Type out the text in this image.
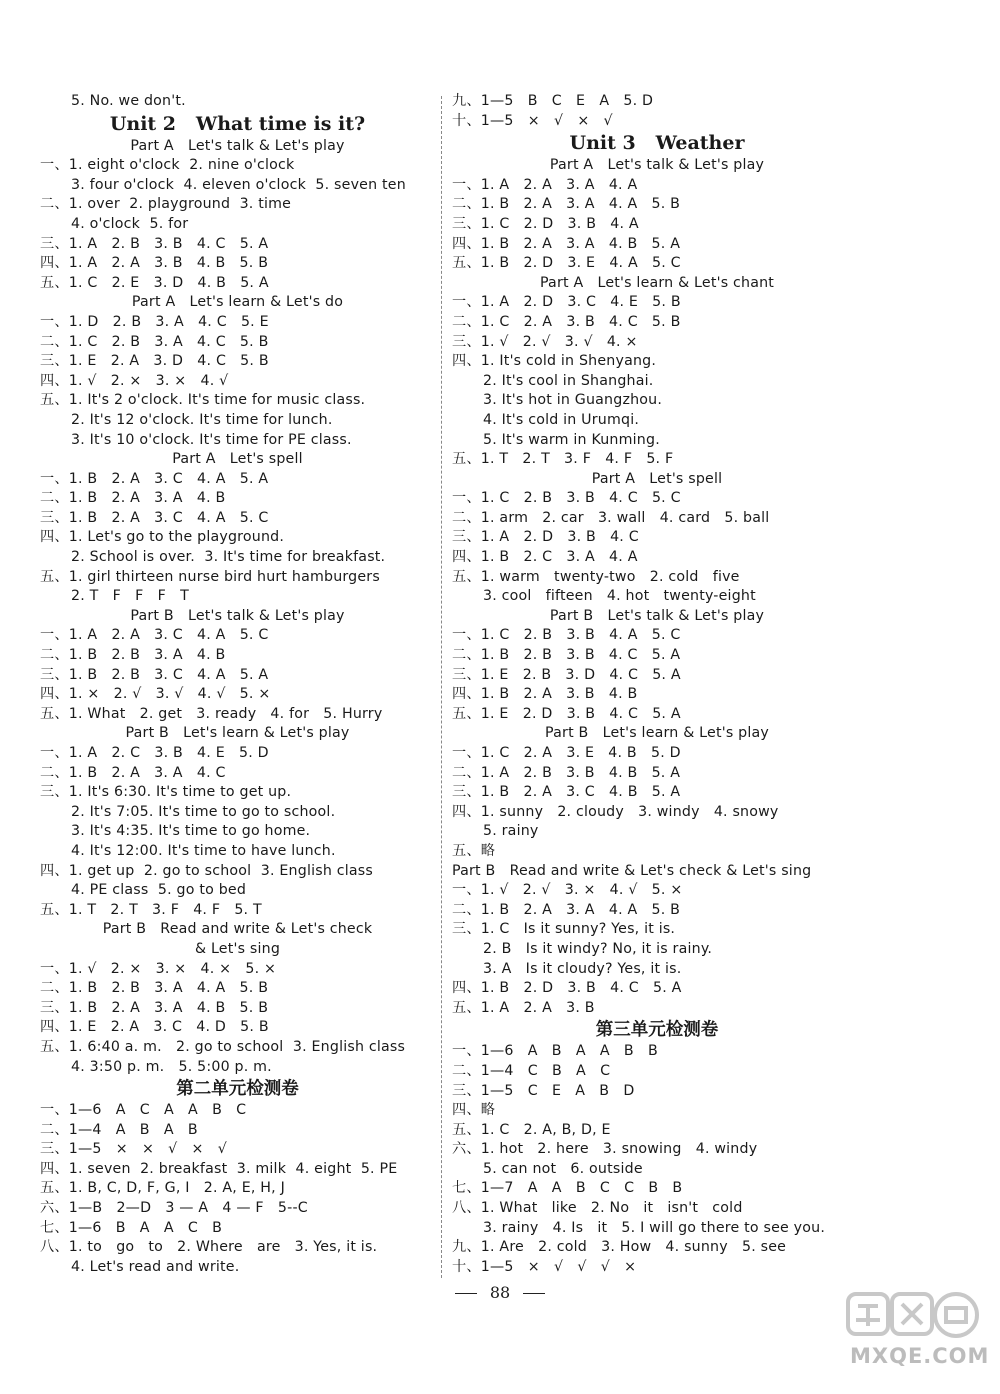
5. No. we don't.
Unit 2   What time is it?
Part A   Let's talk & Let's play
一、1. eight o'clock  2. nine o'clock
3. four o'clock  4. eleven o'clock  5. seven ten
二、1. over  2. playground  3. time
4. o'clock  5. for
三、1. A   2. B   3. B   4. C   5. A
四、1. A   2. A   3. B   4. B   5. B
五、1. C   2. E   3. D   4. B   5. A
Part A   Let's learn & Let's do
一、1. D   2. B   3. A   4. C   5. E
二、1. C   2. B   3. A   4. C   5. B
三、1. E   2. A   3. D   4. C   5. B
四、1. √   2. ×   3. ×   4. √
五、1. It's 2 o'clock. It's time for music class.
2. It's 12 o'clock. It's time for lunch.
3. It's 10 o'clock. It's time for PE class.
Part A   Let's spell
一、1. B   2. A   3. C   4. A   5. A
二、1. B   2. A   3. A   4. B
三、1. B   2. A   3. C   4. A   5. C
四、1. Let's go to the playground.
2. School is over.  3. It's time for breakfast.
五、1. girl thirteen nurse bird hurt hamburgers
2. T   F   F   F   T
Part B   Let's talk & Let's play
一、1. A   2. A   3. C   4. A   5. C
二、1. B   2. B   3. A   4. B
三、1. B   2. B   3. C   4. A   5. A
四、1. ×   2. √   3. √   4. √   5. ×
五、1. What   2. get   3. ready   4. for   5. Hurry
Part B   Let's learn & Let's play
一、1. A   2. C   3. B   4. E   5. D
二、1. B   2. A   3. A   4. C
三、1. It's 6:30. It's time to get up.
2. It's 7:05. It's time to go to school.
3. It's 4:35. It's time to go home.
4. It's 12:00. It's time to have lunch.
四、1. get up  2. go to school  3. English class
4. PE class  5. go to bed
五、1. T   2. T   3. F   4. F   5. T
Part B   Read and write & Let's check
& Let's sing
一、1. √   2. ×   3. ×   4. ×   5. ×
二、1. B   2. B   3. A   4. A   5. B
三、1. B   2. A   3. A   4. B   5. B
四、1. E   2. A   3. C   4. D   5. B
五、1. 6:40 a. m.   2. go to school  3. English class
4. 3:50 p. m.   5. 5:00 p. m.
第二单元检测卷
一、1—6   A   C   A   A   B   C
二、1—4   A   B   A   B
三、1—5   ×   ×   √   ×   √
四、1. seven  2. breakfast  3. milk  4. eight  5. PE
五、1. B, C, D, F, G, I   2. A, E, H, J
六、1—B   2—D   3 — A   4 — F   5--C
七、1—6   B   A   A   C   B
八、1. to   go   to   2. Where   are   3. Yes, it is.
4. Let's read and write.
九、1—5   B   C   E   A   5. D
十、1—5   ×   √   ×   √
Unit 3   Weather
Part A   Let's talk & Let's play
一、1. A   2. A   3. A   4. A
二、1. B   2. A   3. A   4. A   5. B
三、1. C   2. D   3. B   4. A
四、1. B   2. A   3. A   4. B   5. A
五、1. B   2. D   3. E   4. A   5. C
Part A   Let's learn & Let's chant
一、1. A   2. D   3. C   4. E   5. B
二、1. C   2. A   3. B   4. C   5. B
三、1. √   2. √   3. √   4. ×
四、1. It's cold in Shenyang.
2. It's cool in Shanghai.
3. It's hot in Guangzhou.
4. It's cold in Urumqi.
5. It's warm in Kunming.
五、1. T   2. T   3. F   4. F   5. F
Part A   Let's spell
一、1. C   2. B   3. B   4. C   5. C
二、1. arm   2. car   3. wall   4. card   5. ball
三、1. A   2. D   3. B   4. C
四、1. B   2. C   3. A   4. A
五、1. warm   twenty-two   2. cold   five
3. cool   fifteen   4. hot   twenty-eight
Part B   Let's talk & Let's play
一、1. C   2. B   3. B   4. A   5. C
二、1. B   2. B   3. B   4. C   5. A
三、1. E   2. B   3. D   4. C   5. A
四、1. B   2. A   3. B   4. B
五、1. E   2. D   3. B   4. C   5. A
Part B   Let's learn & Let's play
一、1. C   2. A   3. E   4. B   5. D
二、1. A   2. B   3. B   4. B   5. A
三、1. B   2. A   3. C   4. B   5. A
四、1. sunny   2. cloudy   3. windy   4. snowy
5. rainy
五、略
Part B   Read and write & Let's check & Let's sing
一、1. √   2. √   3. ×   4. √   5. ×
二、1. B   2. A   3. A   4. A   5. B
三、1. C   Is it sunny? Yes, it is.
2. B   Is it windy? No, it is rainy.
3. A   Is it cloudy? Yes, it is.
四、1. B   2. D   3. B   4. C   5. A
五、1. A   2. A   3. B
第三单元检测卷
一、1—6   A   B   A   A   B   B
二、1—4   C   B   A   C
三、1—5   C   E   A   B   D
四、略
五、1. C   2. A, B, D, E
六、1. hot   2. here   3. snowing   4. windy
5. can not   6. outside
七、1—7   A   A   B   C   C   B   B
八、1. What   like   2. No   it   isn't   cold
3. rainy   4. Is   it   5. I will go there to see you.
九、1. Are   2. cold   3. How   4. sunny   5. see
十、1—5   ×   √   √   √   ×
88
MXQE.COM
